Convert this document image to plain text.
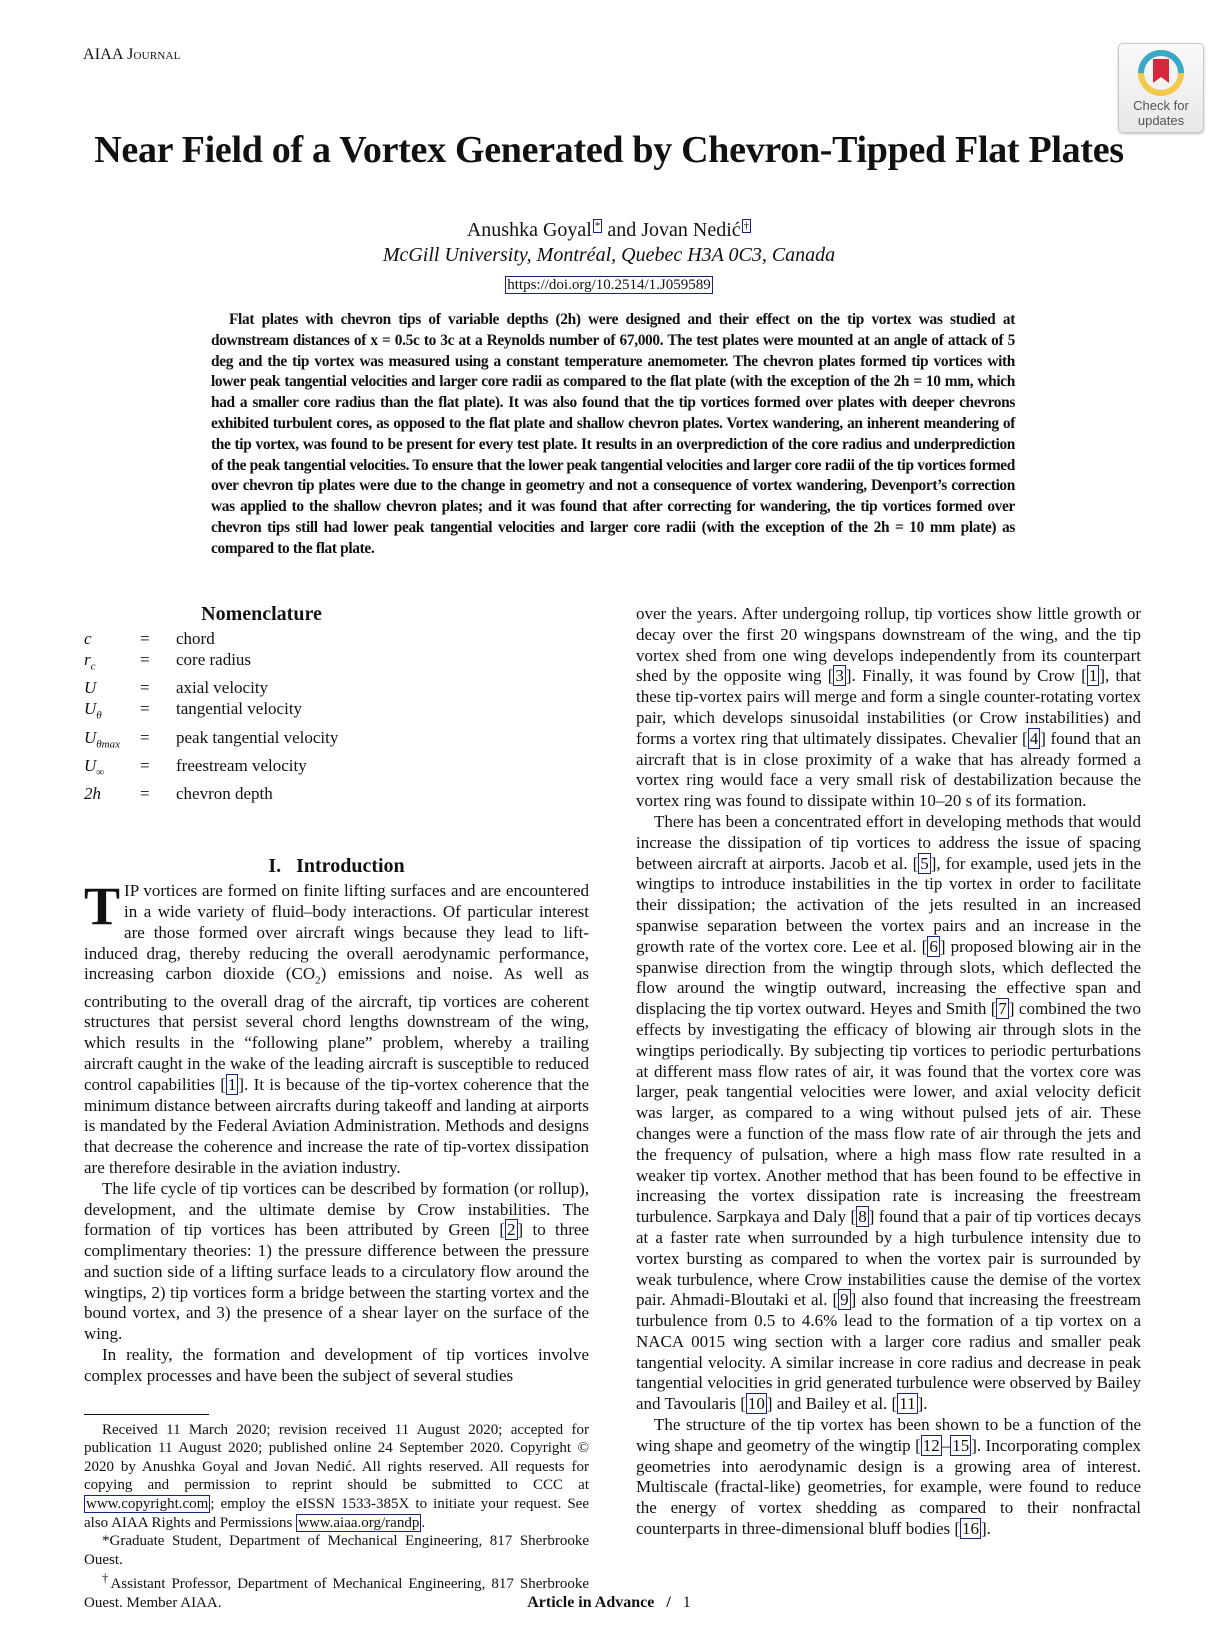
AIAA Journal
Check for
updates
Near Field of a Vortex Generated by Chevron-Tipped Flat Plates
Anushka Goyal * and Jovan Nedić †
McGill University, Montréal, Quebec H3A 0C3, Canada
https://doi.org/10.2514/1.J059589

Flat plates with chevron tips of variable depths (2h) were designed and their effect on the tip vortex was studied at downstream distances of x = 0.5c to 3c at a Reynolds number of 67,000. The test plates were mounted at an angle of attack of 5 deg and the tip vortex was measured using a constant temperature anemometer. The chevron plates formed tip vortices with lower peak tangential velocities and larger core radii as compared to the flat plate (with the exception of the 2h = 10 mm, which had a smaller core radius than the flat plate). It was also found that the tip vortices formed over plates with deeper chevrons exhibited turbulent cores, as opposed to the flat plate and shallow chevron plates. Vortex wandering, an inherent meandering of the tip vortex, was found to be present for every test plate. It results in an overprediction of the core radius and underprediction of the peak tangential velocities. To ensure that the lower peak tangential velocities and larger core radii of the tip vortices formed over chevron tip plates were due to the change in geometry and not a consequence of vortex wandering, Devenport’s correction was applied to the shallow chevron plates; and it was found that after correcting for wandering, the tip vortices formed over chevron tips still had lower peak tangential velocities and larger core radii (with the exception of the 2h = 10 mm plate) as compared to the flat plate.

Nomenclature
c	=	chord
$r_c$	=	core radius
U	=	axial velocity
$U_\theta$	=	tangential velocity
$U_{\theta max}$	=	peak tangential velocity
$U_\infty$	=	freestream velocity
2h	=	chevron depth
I.   Introduction

TIP vortices are formed on finite lifting surfaces and are encountered in a wide variety of fluid–body interactions. Of particular interest are those formed over aircraft wings because they lead to lift-induced drag, thereby reducing the overall aerodynamic performance, increasing carbon dioxide $(CO_2)$ emissions and noise. As well as contributing to the overall drag of the aircraft, tip vortices are coherent structures that persist several chord lengths downstream of the wing, which results in the “following plane” problem, whereby a trailing aircraft caught in the wake of the leading aircraft is susceptible to reduced control capabilities [ 1 ]. It is because of the tip-vortex coherence that the minimum distance between aircrafts during takeoff and landing at airports is mandated by the Federal Aviation Administration. Methods and designs that decrease the coherence and increase the rate of tip-vortex dissipation are therefore desirable in the aviation industry.

The life cycle of tip vortices can be described by formation (or rollup), development, and the ultimate demise by Crow instabilities. The formation of tip vortices has been attributed by Green [ 2 ] to three complimentary theories: 1) the pressure difference between the pressure and suction side of a lifting surface leads to a circulatory flow around the wingtips, 2) tip vortices form a bridge between the starting vortex and the bound vortex, and 3) the presence of a shear layer on the surface of the wing.

In reality, the formation and development of tip vortices involve complex processes and have been the subject of several studies

Received 11 March 2020; revision received 11 August 2020; accepted for publication 11 August 2020; published online 24 September 2020. Copyright © 2020 by Anushka Goyal and Jovan Nedić. All rights reserved. All requests for copying and permission to reprint should be submitted to CCC at www.copyright.com ; employ the eISSN 1533-385X to initiate your request. See also AIAA Rights and Permissions www.aiaa.org/randp .

*Graduate Student, Department of Mechanical Engineering, 817 Sherbrooke Ouest.

†Assistant Professor, Department of Mechanical Engineering, 817 Sherbrooke Ouest. Member AIAA.

over the years. After undergoing rollup, tip vortices show little growth or decay over the first 20 wingspans downstream of the wing, and the tip vortex shed from one wing develops independently from its counterpart shed by the opposite wing [ 3 ]. Finally, it was found by Crow [ 1 ], that these tip-vortex pairs will merge and form a single counter-rotating vortex pair, which develops sinusoidal instabilities (or Crow instabilities) and forms a vortex ring that ultimately dissipates. Chevalier [ 4 ] found that an aircraft that is in close proximity of a wake that has already formed a vortex ring would face a very small risk of destabilization because the vortex ring was found to dissipate within 10–20 s of its formation.

There has been a concentrated effort in developing methods that would increase the dissipation of tip vortices to address the issue of spacing between aircraft at airports. Jacob et al. [ 5 ], for example, used jets in the wingtips to introduce instabilities in the tip vortex in order to facilitate their dissipation; the activation of the jets resulted in an increased spanwise separation between the vortex pairs and an increase in the growth rate of the vortex core. Lee et al. [ 6 ] proposed blowing air in the spanwise direction from the wingtip through slots, which deflected the flow around the wingtip outward, increasing the effective span and displacing the tip vortex outward. Heyes and Smith [ 7 ] combined the two effects by investigating the efficacy of blowing air through slots in the wingtips periodically. By subjecting tip vortices to periodic perturbations at different mass flow rates of air, it was found that the vortex core was larger, peak tangential velocities were lower, and axial velocity deficit was larger, as compared to a wing without pulsed jets of air. These changes were a function of the mass flow rate of air through the jets and the frequency of pulsation, where a high mass flow rate resulted in a weaker tip vortex. Another method that has been found to be effective in increasing the vortex dissipation rate is increasing the freestream turbulence. Sarpkaya and Daly [ 8 ] found that a pair of tip vortices decays at a faster rate when surrounded by a high turbulence intensity due to vortex bursting as compared to when the vortex pair is surrounded by weak turbulence, where Crow instabilities cause the demise of the vortex pair. Ahmadi-Bloutaki et al. [ 9 ] also found that increasing the freestream turbulence from 0.5 to 4.6% lead to the formation of a tip vortex on a NACA 0015 wing section with a larger core radius and smaller peak tangential velocity. A similar increase in core radius and decrease in peak tangential velocities in grid generated turbulence were observed by Bailey and Tavoularis [ 10 ] and Bailey et al. [ 11 ].

The structure of the tip vortex has been shown to be a function of the wing shape and geometry of the wingtip [ 12 – 15 ]. Incorporating complex geometries into aerodynamic design is a growing area of interest. Multiscale (fractal-like) geometries, for example, were found to reduce the energy of vortex shedding as compared to their nonfractal counterparts in three-dimensional bluff bodies [ 16 ].

Article in Advance   /   1
